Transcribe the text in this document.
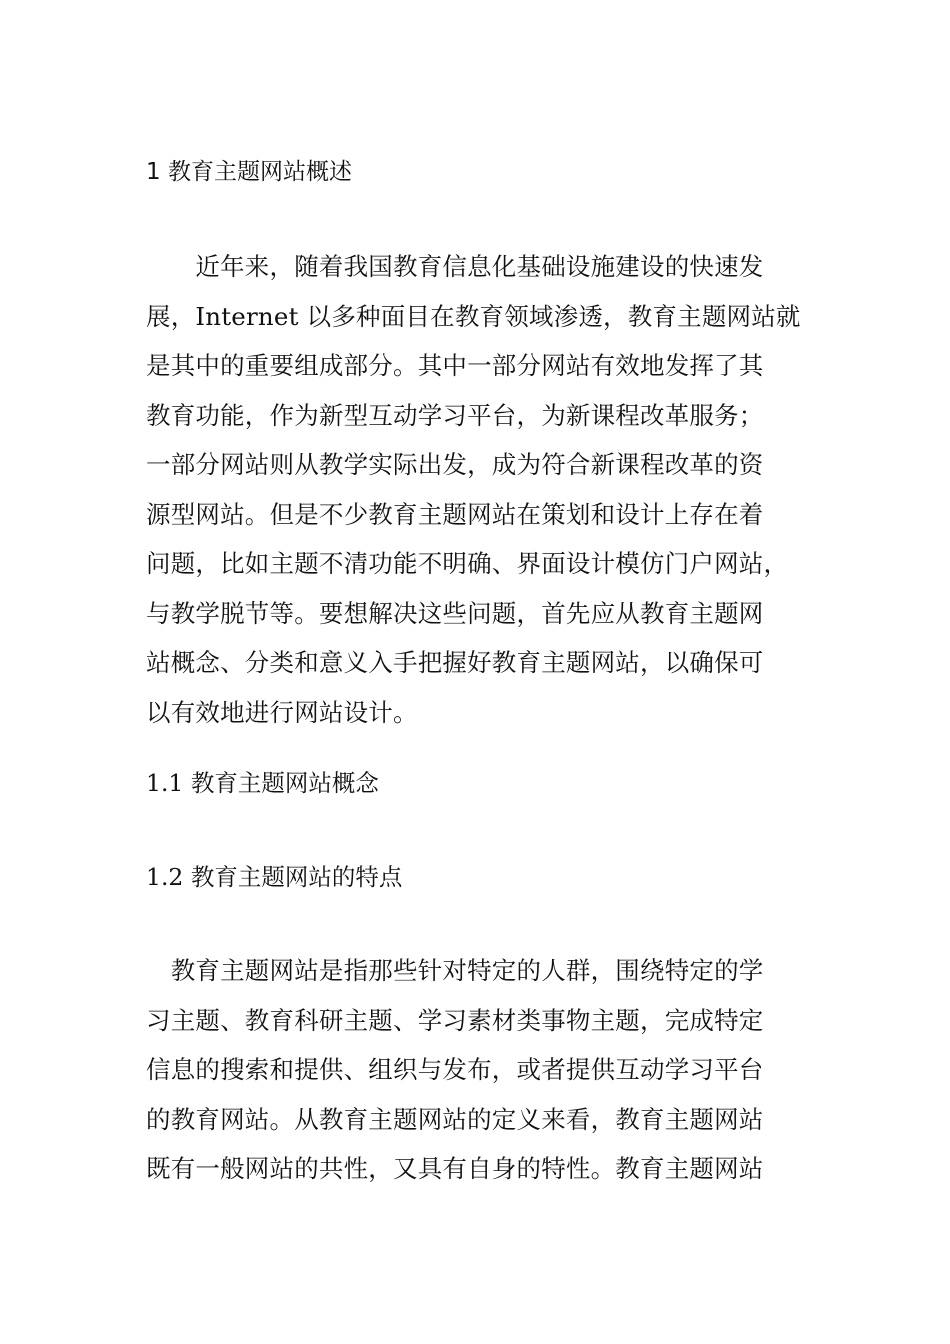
1 教育主题网站概述

　　近年来，随着我国教育信息化基础设施建设的快速发
展，Internet 以多种面目在教育领域渗透，教育主题网站就
是其中的重要组成部分。其中一部分网站有效地发挥了其
教育功能，作为新型互动学习平台，为新课程改革服务；
一部分网站则从教学实际出发，成为符合新课程改革的资
源型网站。但是不少教育主题网站在策划和设计上存在着
问题，比如主题不清功能不明确、界面设计模仿门户网站，
与教学脱节等。要想解决这些问题，首先应从教育主题网
站概念、分类和意义入手把握好教育主题网站，以确保可
以有效地进行网站设计。

1.1 教育主题网站概念
1.2 教育主题网站的特点

　教育主题网站是指那些针对特定的人群，围绕特定的学
习主题、教育科研主题、学习素材类事物主题，完成特定
信息的搜索和提供、组织与发布，或者提供互动学习平台
的教育网站。从教育主题网站的定义来看，教育主题网站
既有一般网站的共性，又具有自身的特性。教育主题网站
